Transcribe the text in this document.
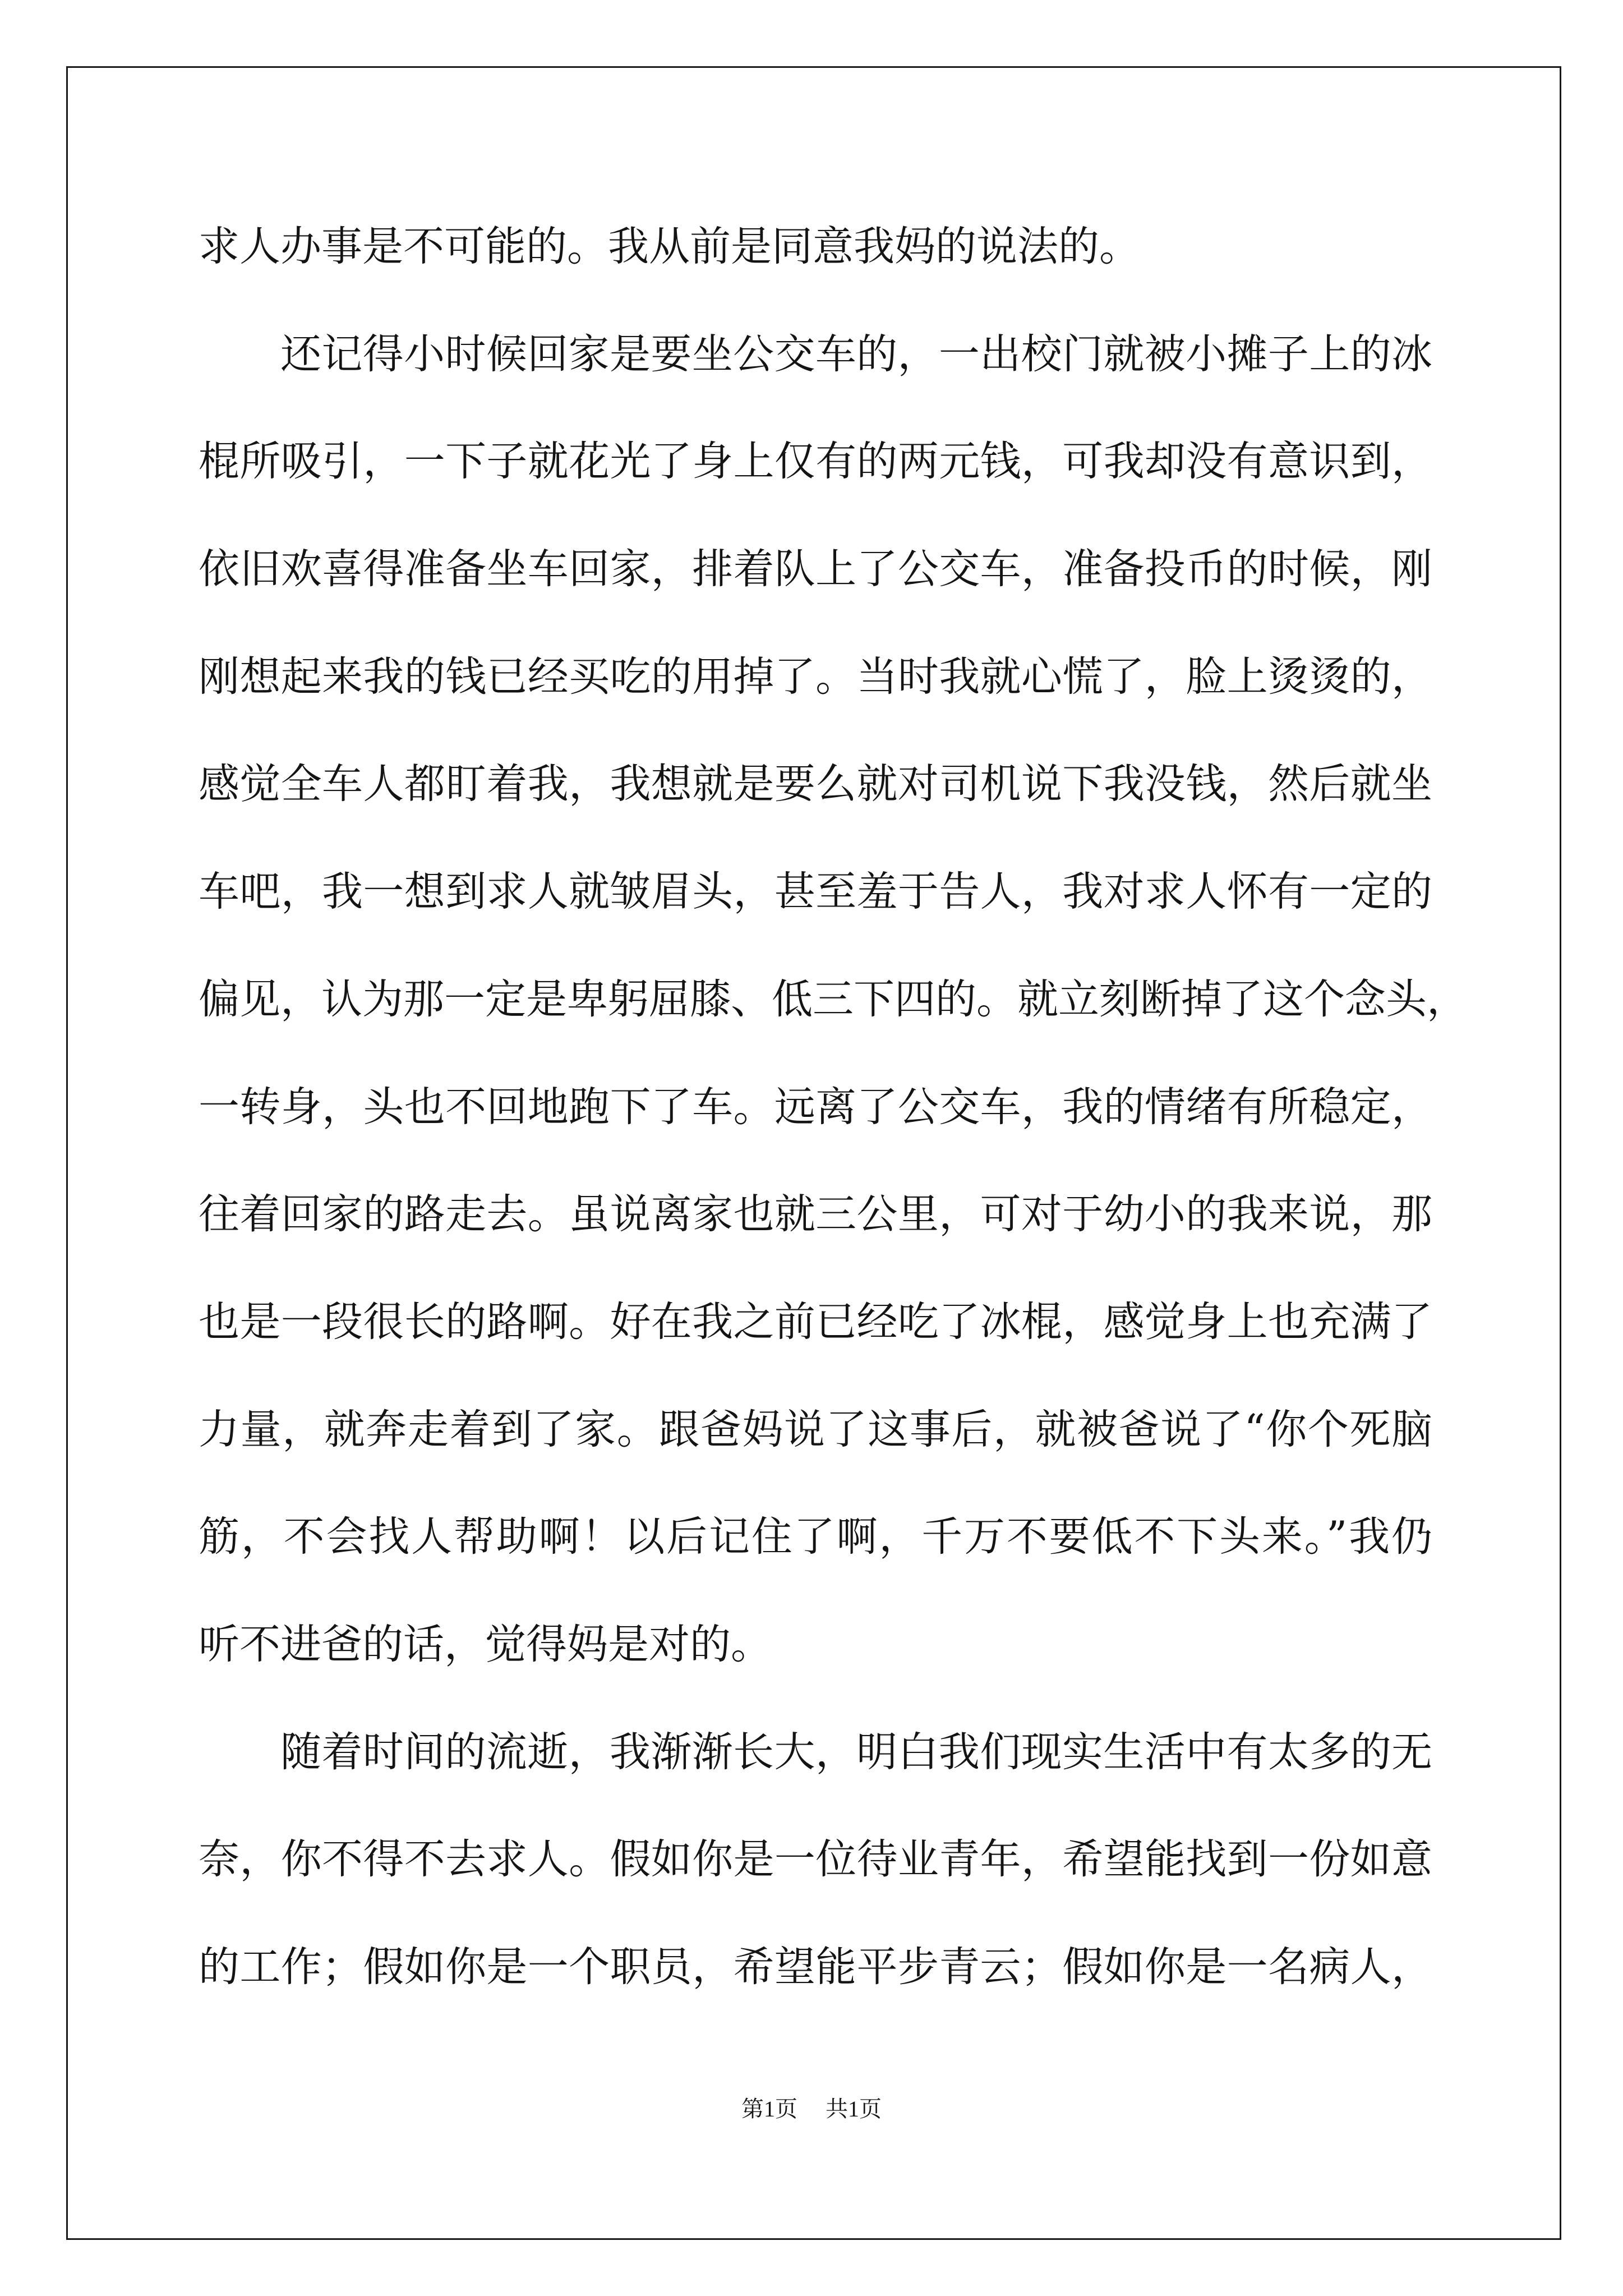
求人办事是不可能的。我从前是同意我妈的说法的。
还记得小时候回家是要坐公交车的，一出校门就被小摊子上的冰
棍所吸引，一下子就花光了身上仅有的两元钱，可我却没有意识到，
依旧欢喜得准备坐车回家，排着队上了公交车，准备投币的时候，刚
刚想起来我的钱已经买吃的用掉了。当时我就心慌了，脸上烫烫的，
感觉全车人都盯着我，我想就是要么就对司机说下我没钱，然后就坐
车吧，我一想到求人就皱眉头，甚至羞于告人，我对求人怀有一定的
偏见，认为那一定是卑躬屈膝、低三下四的。就立刻断掉了这个念头，
一转身，头也不回地跑下了车。远离了公交车，我的情绪有所稳定，
往着回家的路走去。虽说离家也就三公里，可对于幼小的我来说，那
也是一段很长的路啊。好在我之前已经吃了冰棍，感觉身上也充满了
力量，就奔走着到了家。跟爸妈说了这事后，就被爸说了“你个死脑
筋，不会找人帮助啊！以后记住了啊，千万不要低不下头来。”我仍
听不进爸的话，觉得妈是对的。
随着时间的流逝，我渐渐长大，明白我们现实生活中有太多的无
奈，你不得不去求人。假如你是一位待业青年，希望能找到一份如意
的工作；假如你是一个职员，希望能平步青云；假如你是一名病人，
第1页 共1页
